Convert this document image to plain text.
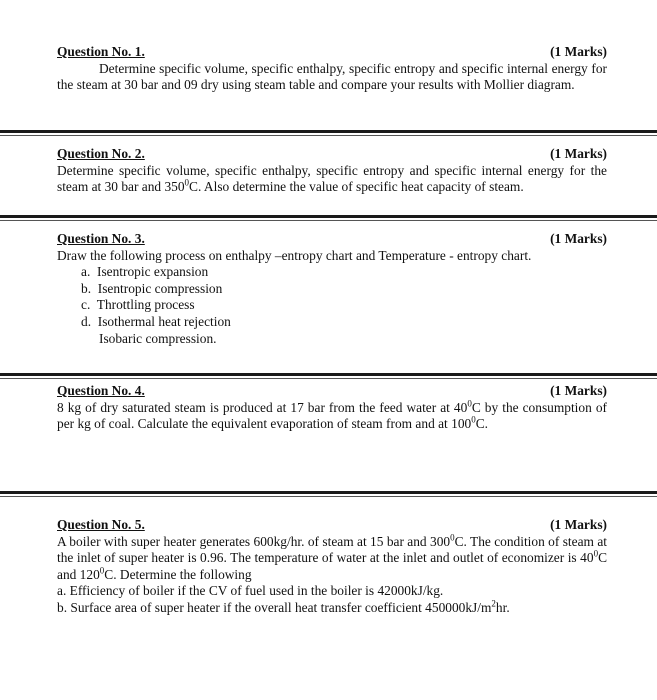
Question No. 1.	(1 Marks)

Determine specific volume, specific enthalpy, specific entropy and specific internal energy for the steam at 30 bar and 09 dry using steam table and compare your results with Mollier diagram.

Question No. 2.	(1 Marks)

Determine specific volume, specific enthalpy, specific entropy and specific internal energy for the steam at 30 bar and $350^0C$. Also determine the value of specific heat capacity of steam.

Question No. 3.	(1 Marks)

Draw the following process on enthalpy –entropy chart and Temperature - entropy chart.

a. Isentropic expansion
b. Isentropic compression
c. Throttling process
d. Isothermal heat rejection
Isobaric compression.
Question No. 4.	(1 Marks)

8 kg of dry saturated steam is produced at 17 bar from the feed water at $40^0C$ by the consumption of per kg of coal. Calculate the equivalent evaporation of steam from and at $100^0C$.

Question No. 5.	(1 Marks)

A boiler with super heater generates 600kg/hr. of steam at 15 bar and $300^0C$. The condition of steam at the inlet of super heater is 0.96. The temperature of water at the inlet and outlet of economizer is $40^0C$ and $120^0C$. Determine the following

a. Efficiency of boiler if the CV of fuel used in the boiler is 42000kJ/kg.
b. Surface area of super heater if the overall heat transfer coefficient $450000kJ/m^2hr$.
